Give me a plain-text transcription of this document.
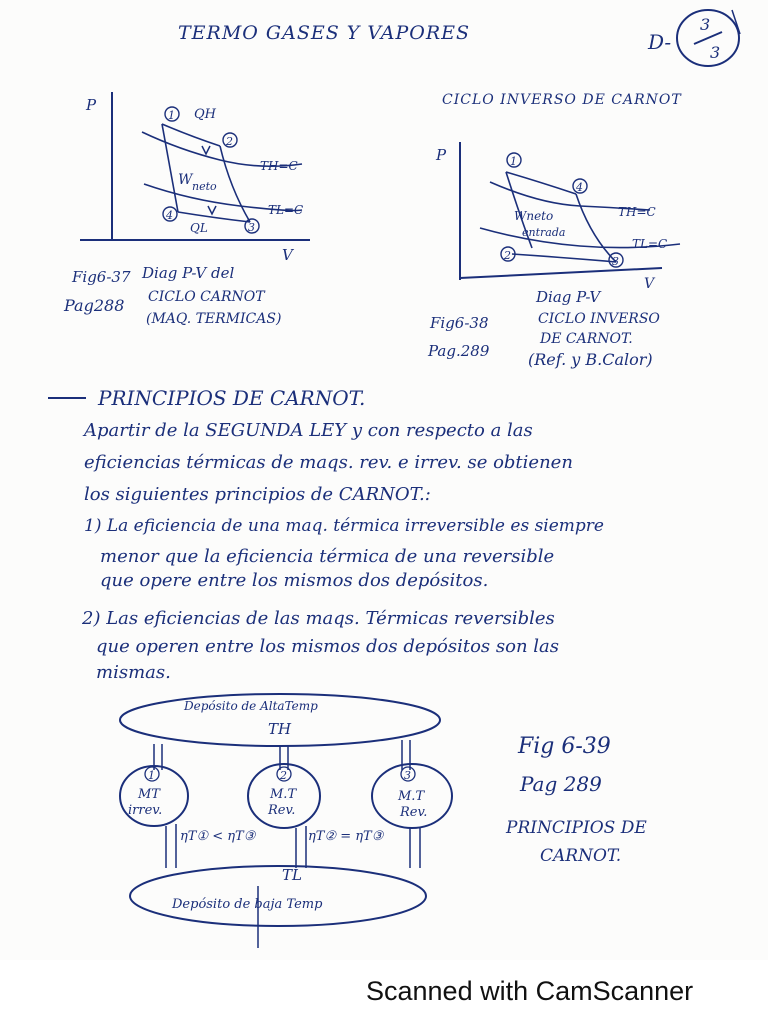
TERMO GASES Y VAPORES	D-
3
3
P
V
1
2
3
4
QH
QL
W neto
TH=C
TL=C
Fig6-37
Pag288
Diag P-V del
CICLO CARNOT
(MAQ. TERMICAS)
CICLO INVERSO DE CARNOT
P
V
1
4
3
2
Wneto
entrada
TH=C
TL=C
Diag P-V
Fig6-38	CICLO INVERSO
DE CARNOT.
Pag.289 (Ref. y B.Calor)
PRINCIPIOS DE CARNOT.
Apartir de la SEGUNDA LEY y con respecto a las
eficiencias térmicas de maqs. rev. e irrev. se obtienen
los siguientes principios de CARNOT.:
1) La eficiencia de una maq. térmica irreversible es siempre
menor que la eficiencia térmica de una reversible
que opere entre los mismos dos depósitos.
2) Las eficiencias de las maqs. Térmicas reversibles
que operen entre los mismos dos depósitos son las
mismas.
Depósito de AltaTemp
TH
1
MT
irrev.
2
M.T
Rev.
3
M.T
Rev.
ηT① < ηT③	ηT② = ηT③
TL
Depósito de baja Temp
Fig 6-39
Pag 289
PRINCIPIOS DE
CARNOT.
Scanned with CamScanner
